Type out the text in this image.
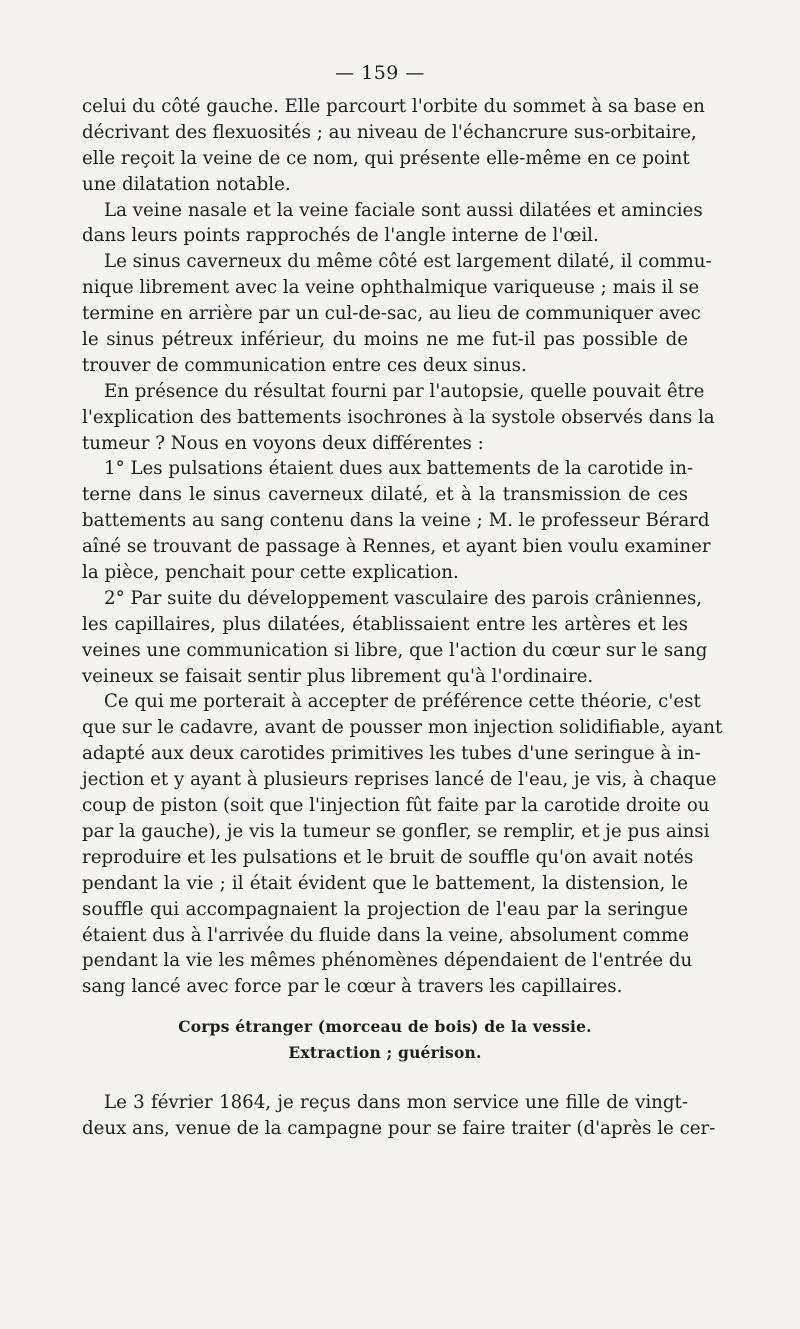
— 159 —
celui du côté gauche. Elle parcourt l'orbite du sommet à sa base en
décrivant des flexuosités ; au niveau de l'échancrure sus-orbitaire,
elle reçoit la veine de ce nom, qui présente elle-même en ce point
une dilatation notable.
La veine nasale et la veine faciale sont aussi dilatées et amincies
dans leurs points rapprochés de l'angle interne de l'œil.
Le sinus caverneux du même côté est largement dilaté, il commu-
nique librement avec la veine ophthalmique variqueuse ; mais il se
termine en arrière par un cul-de-sac, au lieu de communiquer avec
le sinus pétreux inférieur, du moins ne me fut-il pas possible de
trouver de communication entre ces deux sinus.
En présence du résultat fourni par l'autopsie, quelle pouvait être
l'explication des battements isochrones à la systole observés dans la
tumeur ? Nous en voyons deux différentes :
1° Les pulsations étaient dues aux battements de la carotide in-
terne dans le sinus caverneux dilaté, et à la transmission de ces
battements au sang contenu dans la veine ; M. le professeur Bérard
aîné se trouvant de passage à Rennes, et ayant bien voulu examiner
la pièce, penchait pour cette explication.
2° Par suite du développement vasculaire des parois crâniennes,
les capillaires, plus dilatées, établissaient entre les artères et les
veines une communication si libre, que l'action du cœur sur le sang
veineux se faisait sentir plus librement qu'à l'ordinaire.
Ce qui me porterait à accepter de préférence cette théorie, c'est
que sur le cadavre, avant de pousser mon injection solidifiable, ayant
adapté aux deux carotides primitives les tubes d'une seringue à in-
jection et y ayant à plusieurs reprises lancé de l'eau, je vis, à chaque
coup de piston (soit que l'injection fût faite par la carotide droite ou
par la gauche), je vis la tumeur se gonfler, se remplir, et je pus ainsi
reproduire et les pulsations et le bruit de souffle qu'on avait notés
pendant la vie ; il était évident que le battement, la distension, le
souffle qui accompagnaient la projection de l'eau par la seringue
étaient dus à l'arrivée du fluide dans la veine, absolument comme
pendant la vie les mêmes phénomènes dépendaient de l'entrée du
sang lancé avec force par le cœur à travers les capillaires.
Corps étranger (morceau de bois) de la vessie.
Extraction ; guérison.
Le 3 février 1864, je reçus dans mon service une fille de vingt-
deux ans, venue de la campagne pour se faire traiter (d'après le cer-
